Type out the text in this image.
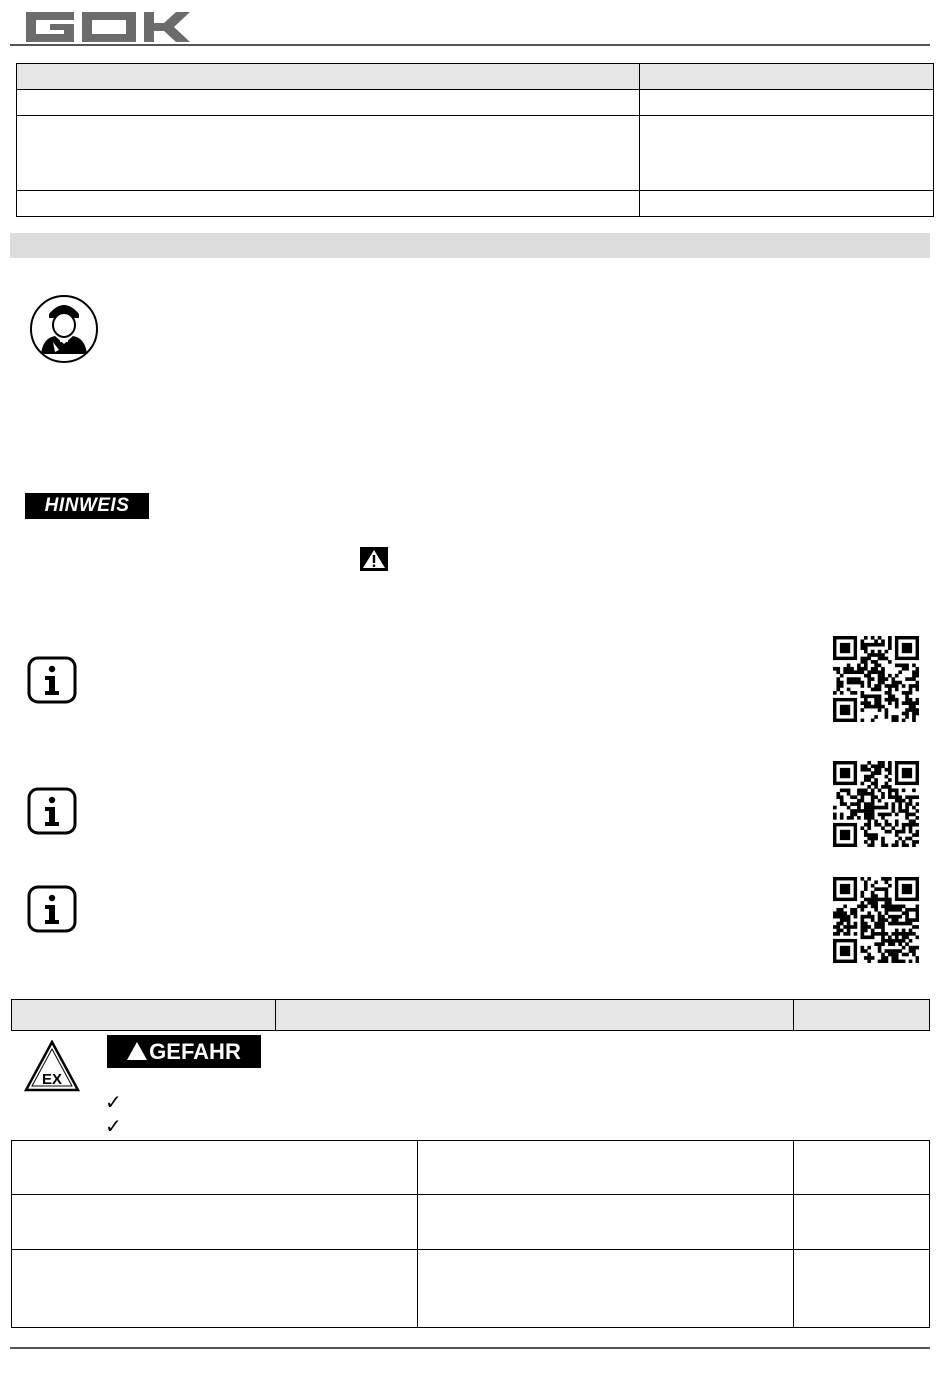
HINWEIS

EX
! GEFAHR
✓
✓
